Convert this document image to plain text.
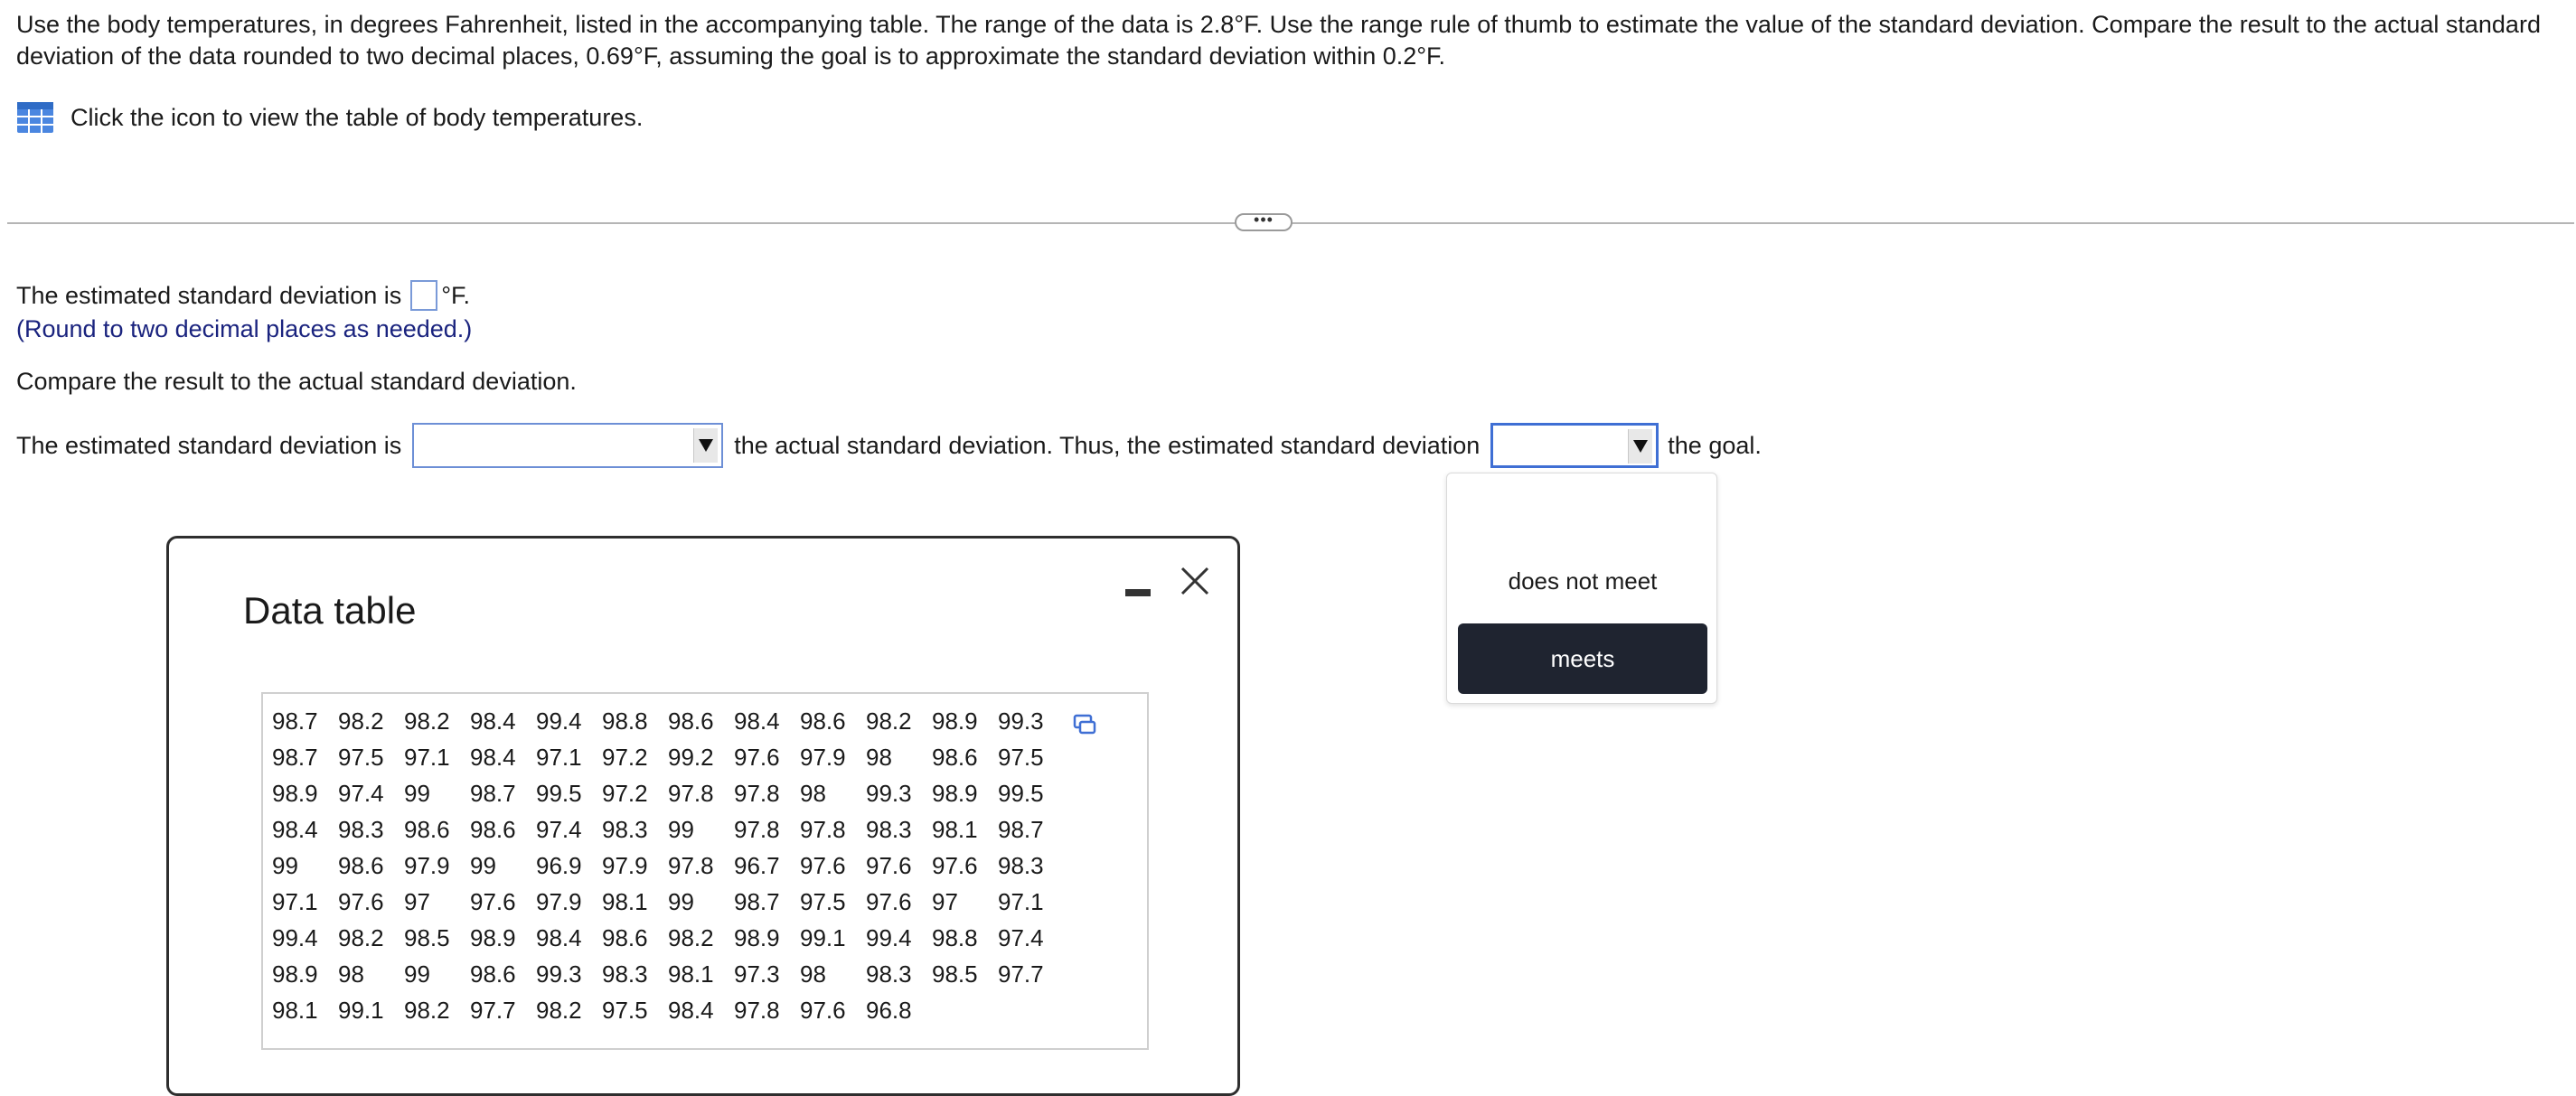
Use the body temperatures, in degrees Fahrenheit, listed in the accompanying table. The range of the data is 2.8°F. Use the range rule of thumb to estimate the value of the standard deviation. Compare the result to the actual standard deviation of the data rounded to two decimal places, 0.69°F, assuming the goal is to approximate the standard deviation within 0.2°F.
Click the icon to view the table of body temperatures.
•••
The estimated standard deviation is °F.
(Round to two decimal places as needed.)
Compare the result to the actual standard deviation.
The estimated standard deviation is	the actual standard deviation. Thus, the estimated standard deviation	the goal.
does not meet
meets
Data table
98.7	98.2	98.2	98.4	99.4	98.8	98.6	98.4	98.6	98.2	98.9	99.3
98.7	97.5	97.1	98.4	97.1	97.2	99.2	97.6	97.9	98	98.6	97.5
98.9	97.4	99	98.7	99.5	97.2	97.8	97.8	98	99.3	98.9	99.5
98.4	98.3	98.6	98.6	97.4	98.3	99	97.8	97.8	98.3	98.1	98.7
99	98.6	97.9	99	96.9	97.9	97.8	96.7	97.6	97.6	97.6	98.3
97.1	97.6	97	97.6	97.9	98.1	99	98.7	97.5	97.6	97	97.1
99.4	98.2	98.5	98.9	98.4	98.6	98.2	98.9	99.1	99.4	98.8	97.4
98.9	98	99	98.6	99.3	98.3	98.1	97.3	98	98.3	98.5	97.7
98.1	99.1	98.2	97.7	98.2	97.5	98.4	97.8	97.6	96.8		
